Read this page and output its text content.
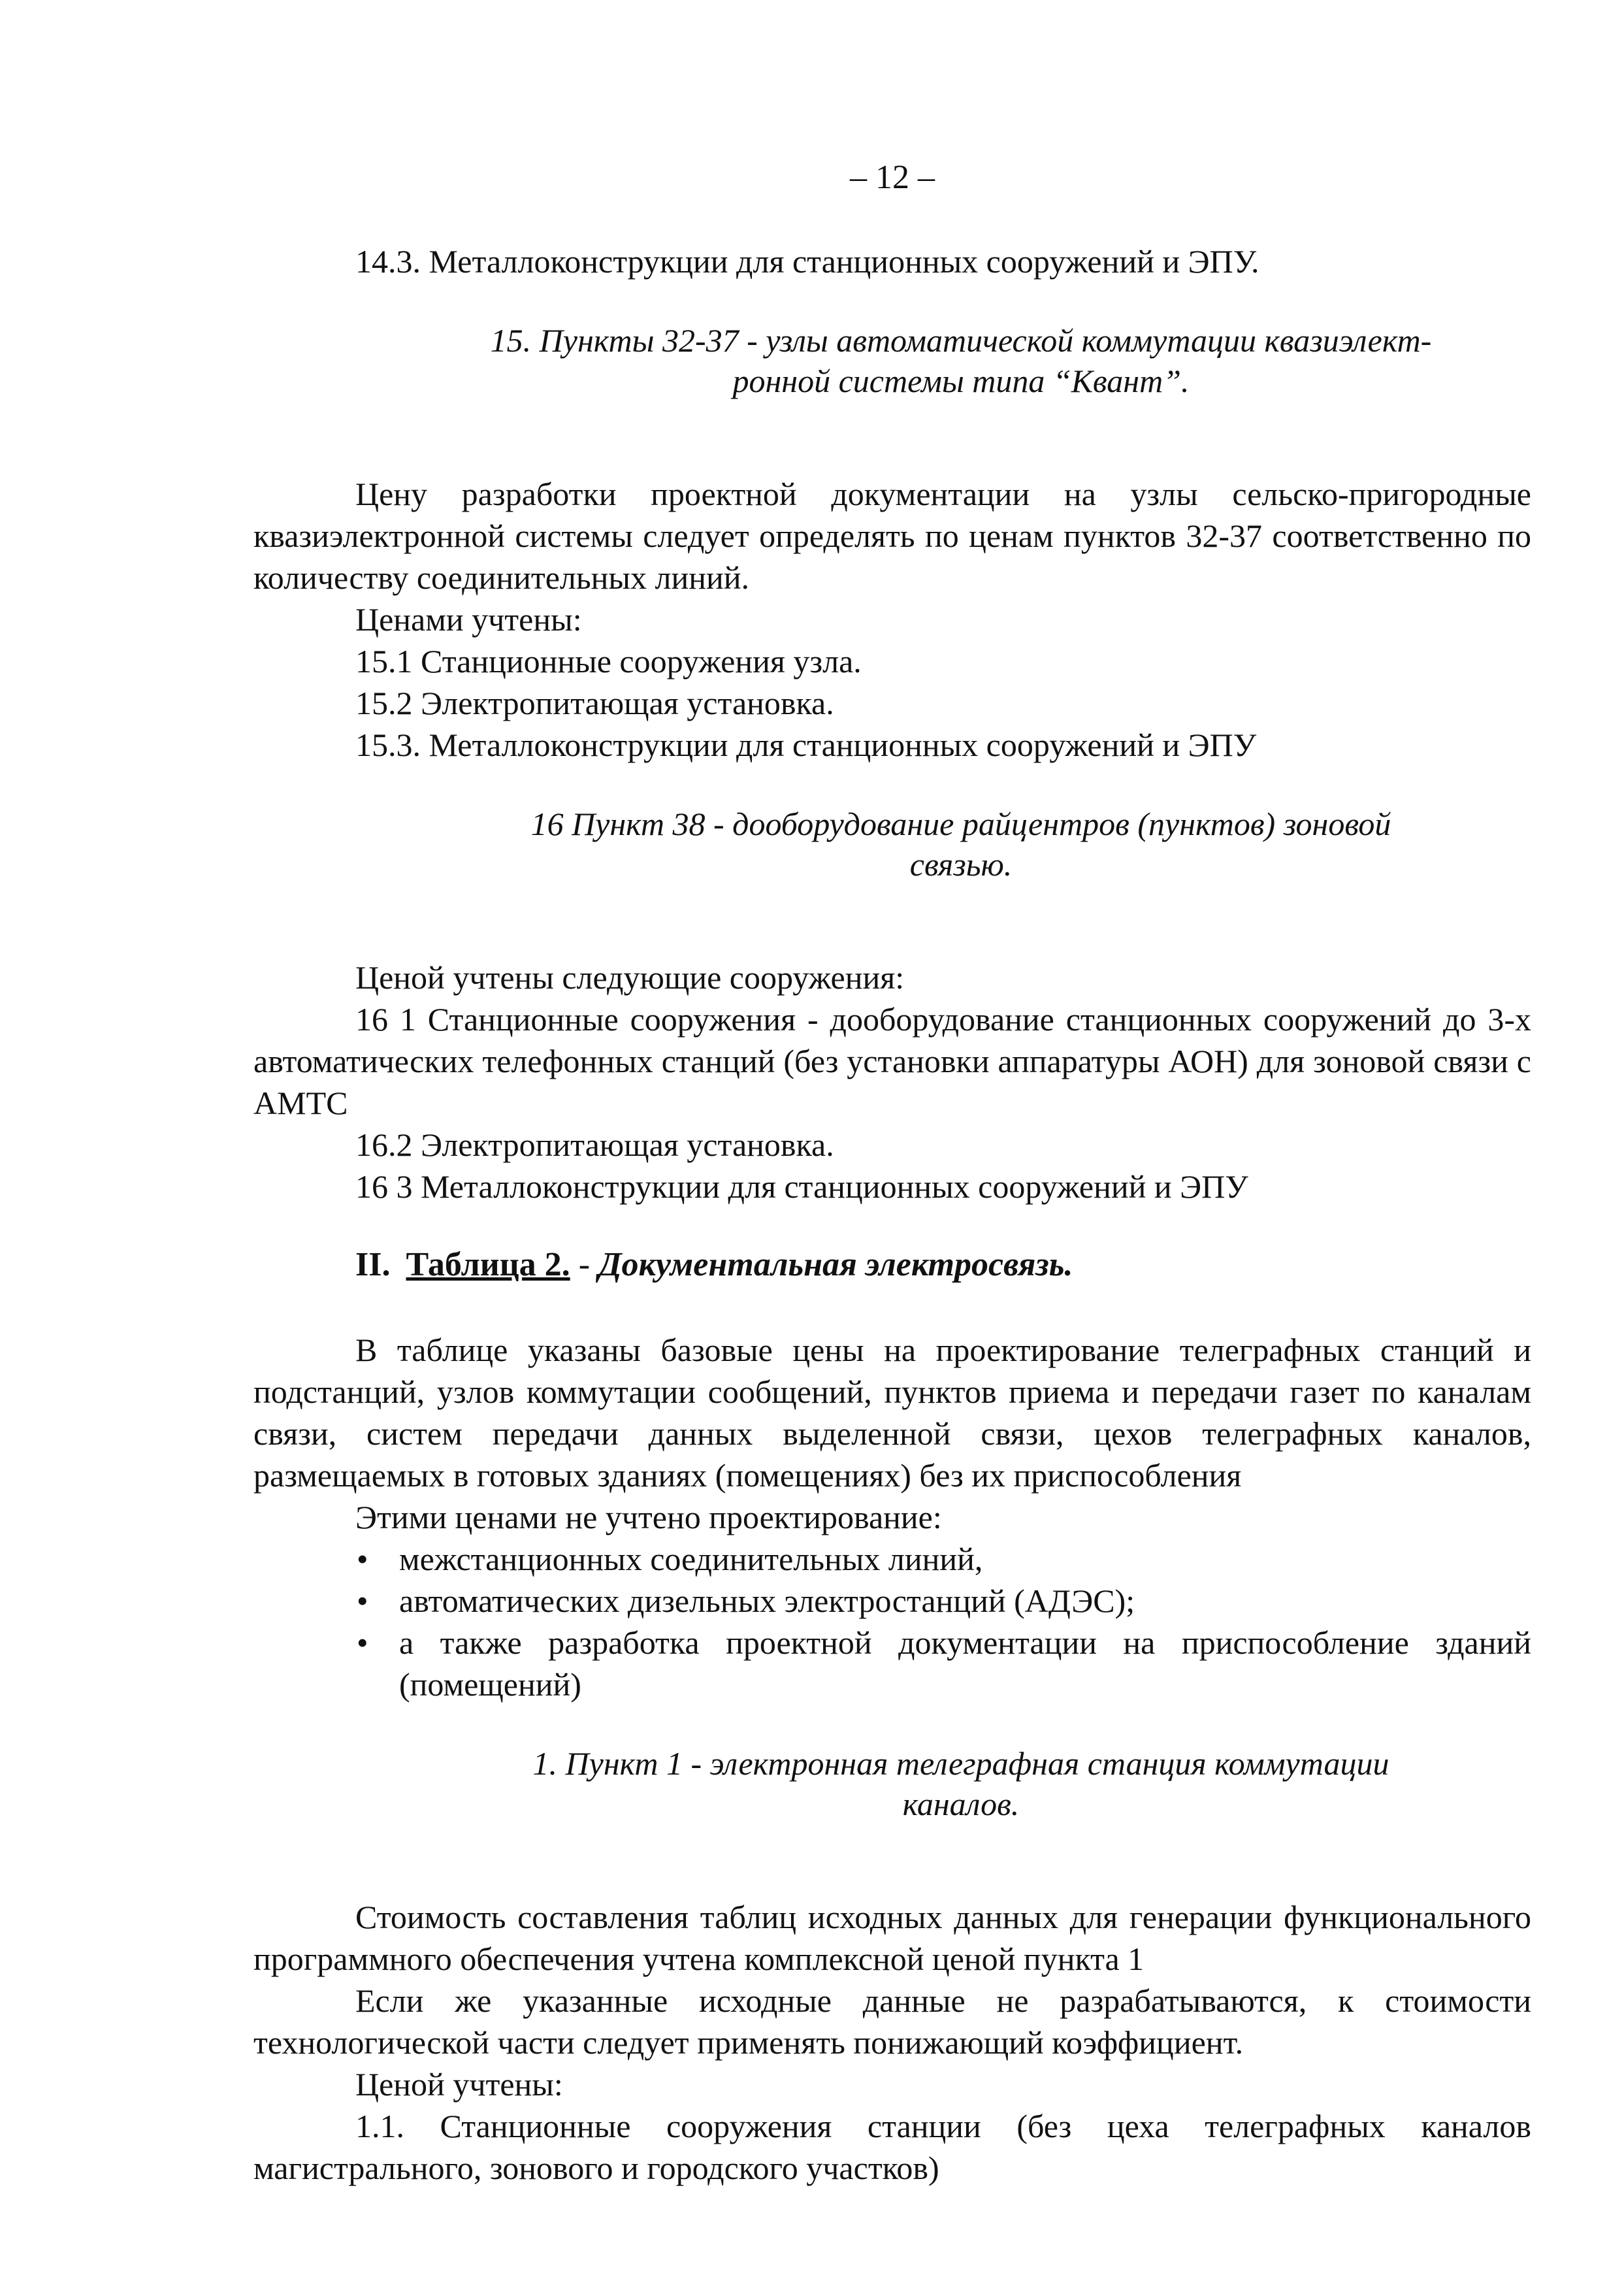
– 12 –

14.3. Металлоконструкции для станционных сооружений и ЭПУ.

15. Пункты 32-37 - узлы автоматической коммутации квазиэлект-
ронной системы типа “Квант”.

Цену разработки проектной документации на узлы сельско-пригородные квазиэлектронной системы следует определять по ценам пунктов 32-37 соответственно по количеству соединительных линий.

Ценами учтены:

15.1 Станционные сооружения узла.

15.2 Электропитающая установка.

15.3. Металлоконструкции для станционных сооружений и ЭПУ

16 Пункт 38 - дооборудование райцентров (пунктов) зоновой
связью.

Ценой учтены следующие сооружения:

16 1 Станционные сооружения - дооборудование станционных сооружений до 3-х автоматических телефонных станций (без установки аппаратуры АОН) для зоновой связи с АМТС

16.2 Электропитающая установка.

16 3 Металлоконструкции для станционных сооружений и ЭПУ

II. Таблица 2. - Документальная электросвязь.

В таблице указаны базовые цены на проектирование телеграфных станций и подстанций, узлов коммутации сообщений, пунктов приема и передачи газет по каналам связи, систем передачи данных выделенной связи, цехов телеграфных каналов, размещаемых в готовых зданиях (помещениях) без их приспособления

Этими ценами не учтено проектирование:

• межстанционных соединительных линий,
• автоматических дизельных электростанций (АДЭС);
• а также разработка проектной документации на приспособление зданий (помещений)
1. Пункт 1 - электронная телеграфная станция коммутации
каналов.

Стоимость составления таблиц исходных данных для генерации функционального программного обеспечения учтена комплексной ценой пункта 1

Если же указанные исходные данные не разрабатываются, к стоимости технологической части следует применять понижающий коэффициент.

Ценой учтены:

1.1. Станционные сооружения станции (без цеха телеграфных каналов магистрального, зонового и городского участков)
